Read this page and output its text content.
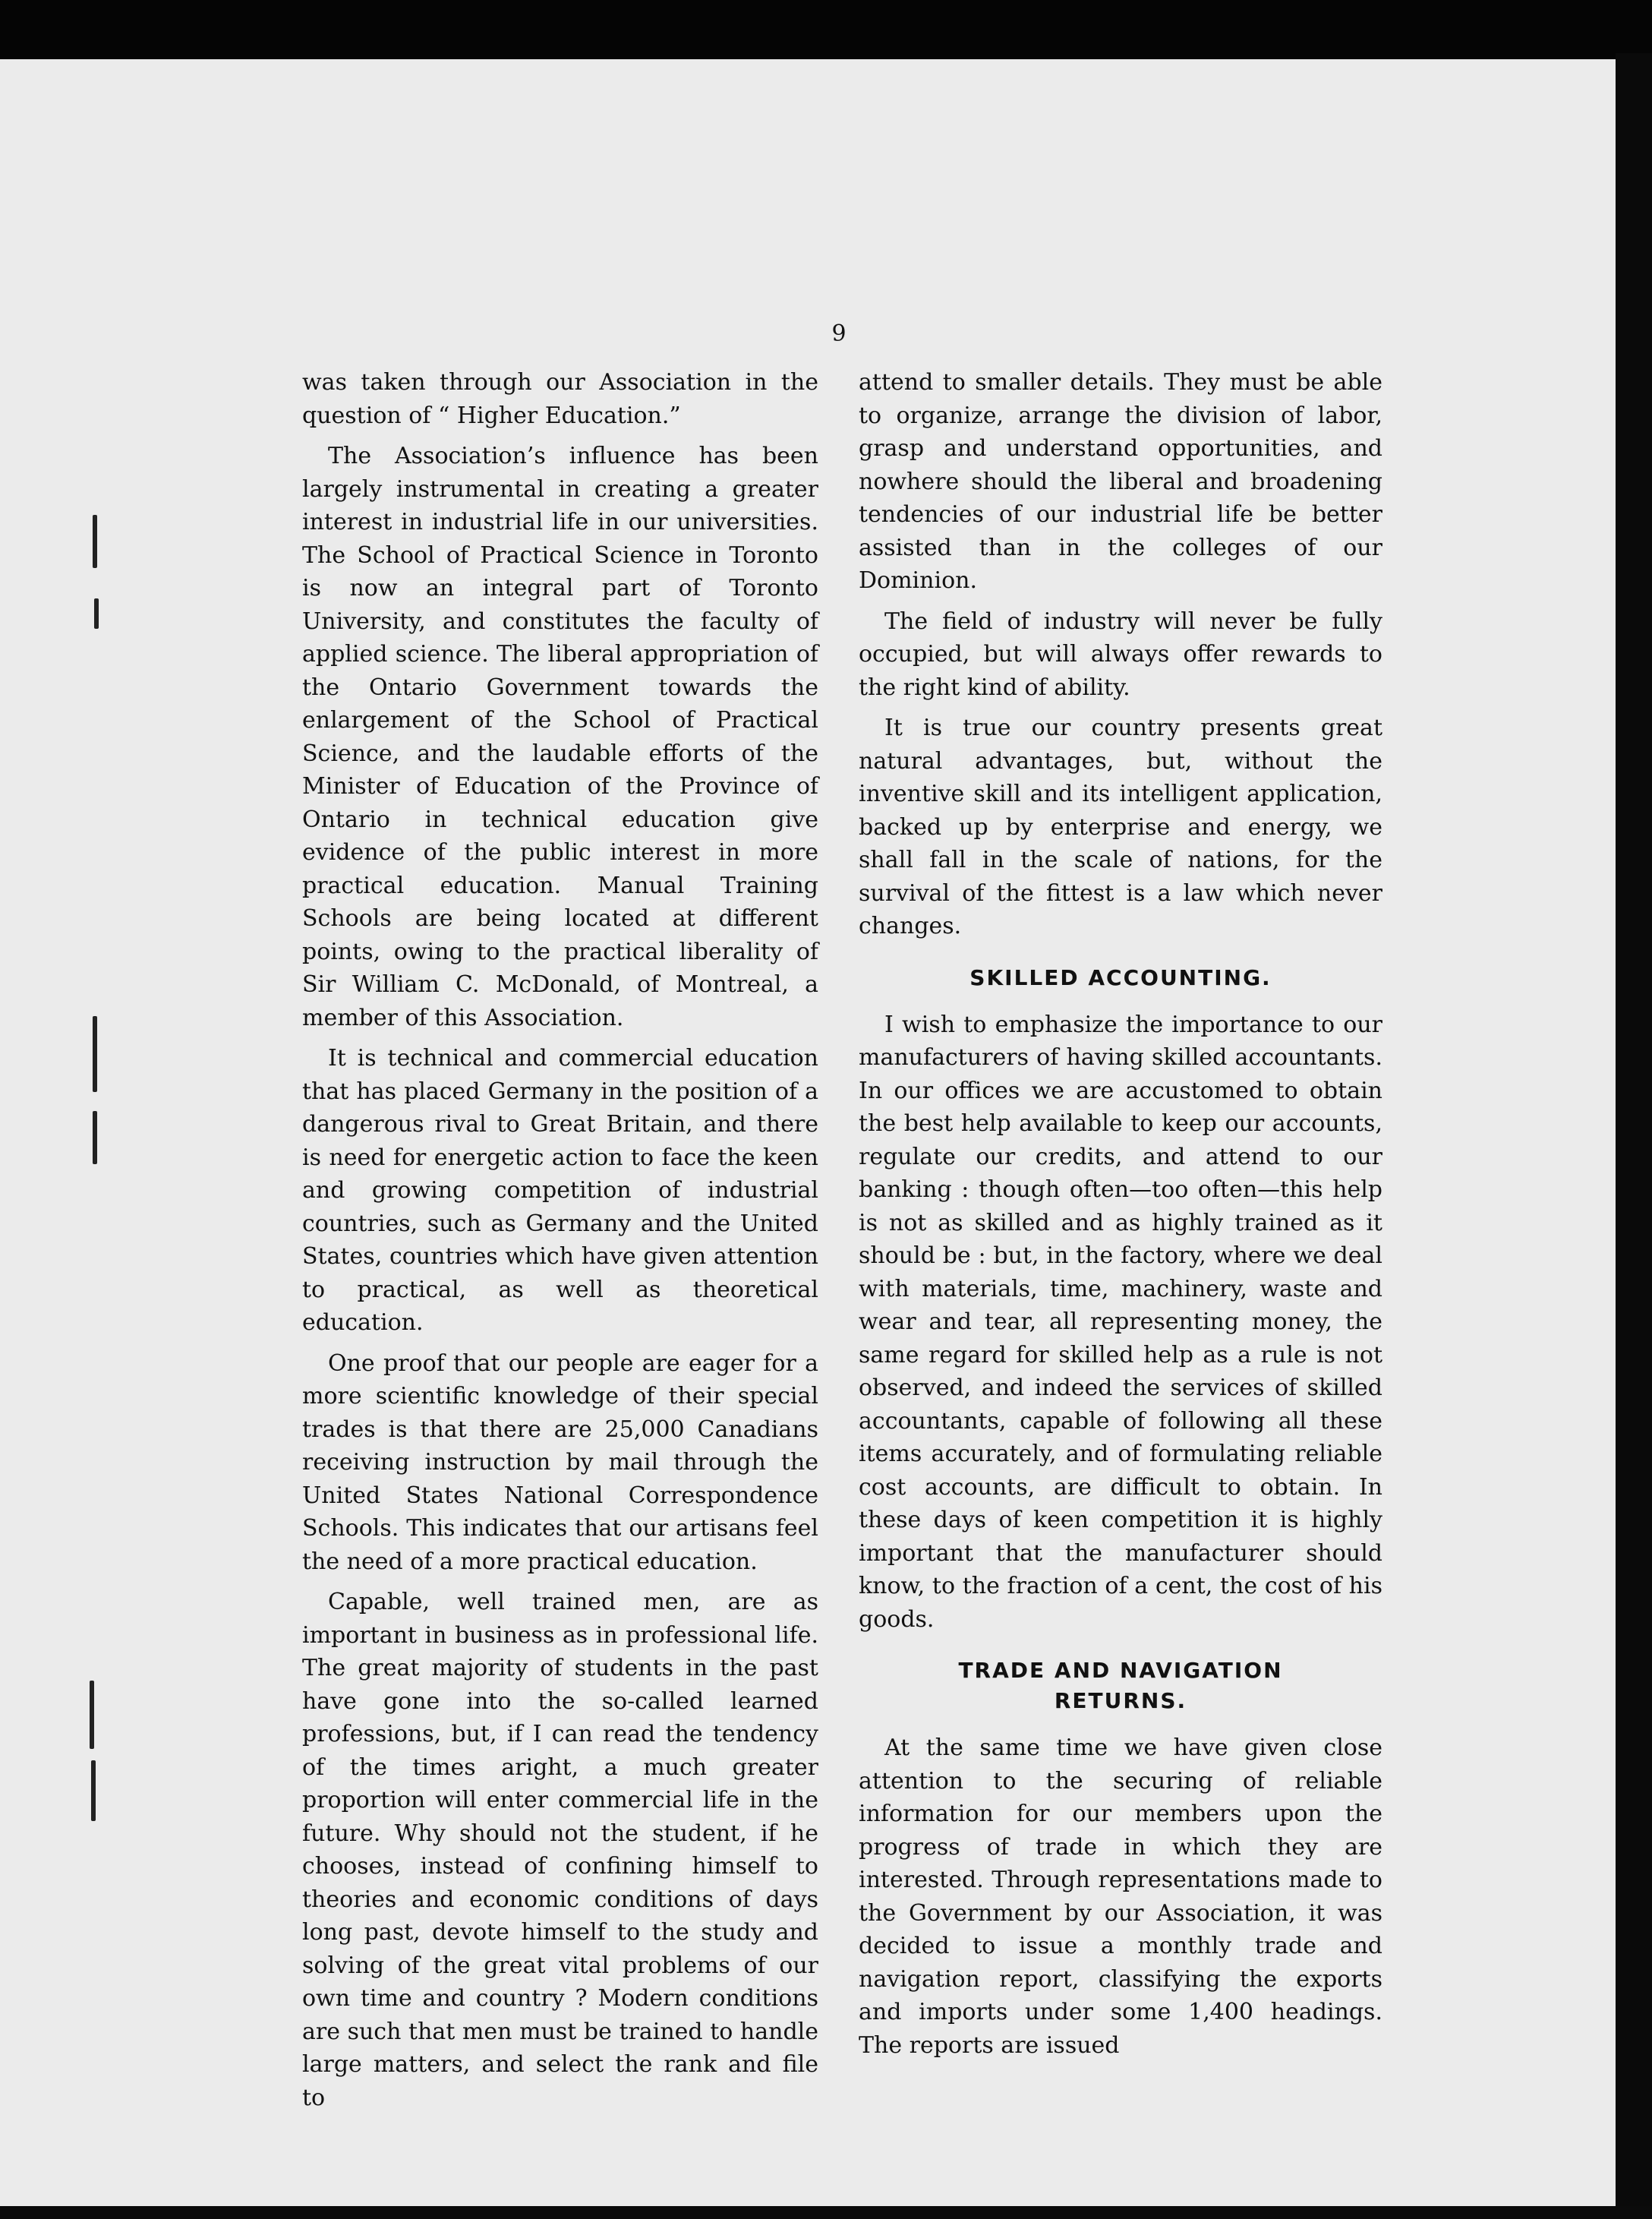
9

was taken through our Association in the question of “ Higher Education.”

The Association’s influence has been largely instrumental in creating a greater interest in industrial life in our universities. The School of Practical Science in Toronto is now an integral part of Toronto University, and constitutes the faculty of applied science. The liberal appropriation of the Ontario Government towards the enlargement of the School of Practical Science, and the laudable efforts of the Minister of Education of the Province of Ontario in technical education give evidence of the public interest in more practical education. Manual Training Schools are being located at different points, owing to the practical liberality of Sir William C. McDonald, of Montreal, a member of this Association.

It is technical and commercial education that has placed Germany in the position of a dangerous rival to Great Britain, and there is need for energetic action to face the keen and growing competition of industrial countries, such as Germany and the United States, countries which have given attention to practical, as well as theoretical education.

One proof that our people are eager for a more scientific knowledge of their special trades is that there are 25,000 Canadians receiving instruction by mail through the United States National Correspondence Schools. This indicates that our artisans feel the need of a more practical education.

Capable, well trained men, are as important in business as in professional life. The great majority of students in the past have gone into the so-called learned professions, but, if I can read the tendency of the times aright, a much greater proportion will enter commercial life in the future. Why should not the student, if he chooses, instead of confining himself to theories and economic conditions of days long past, devote himself to the study and solving of the great vital problems of our own time and country ? Modern conditions are such that men must be trained to handle large matters, and select the rank and file to

attend to smaller details. They must be able to organize, arrange the division of labor, grasp and understand opportunities, and nowhere should the liberal and broadening tendencies of our industrial life be better assisted than in the colleges of our Dominion.

The field of industry will never be fully occupied, but will always offer rewards to the right kind of ability.

It is true our country presents great natural advantages, but, without the inventive skill and its intelligent application, backed up by enterprise and energy, we shall fall in the scale of nations, for the survival of the fittest is a law which never changes.

SKILLED ACCOUNTING.

I wish to emphasize the importance to our manufacturers of having skilled accountants. In our offices we are accustomed to obtain the best help available to keep our accounts, regulate our credits, and attend to our banking : though often—too often—this help is not as skilled and as highly trained as it should be : but, in the factory, where we deal with materials, time, machinery, waste and wear and tear, all representing money, the same regard for skilled help as a rule is not observed, and indeed the services of skilled accountants, capable of following all these items accurately, and of formulating reliable cost accounts, are difficult to obtain. In these days of keen competition it is highly important that the manufacturer should know, to the fraction of a cent, the cost of his goods.

TRADE AND NAVIGATION RETURNS.

At the same time we have given close attention to the securing of reliable information for our members upon the progress of trade in which they are interested. Through representations made to the Government by our Association, it was decided to issue a monthly trade and navigation report, classifying the exports and imports under some 1,400 headings. The reports are issued
